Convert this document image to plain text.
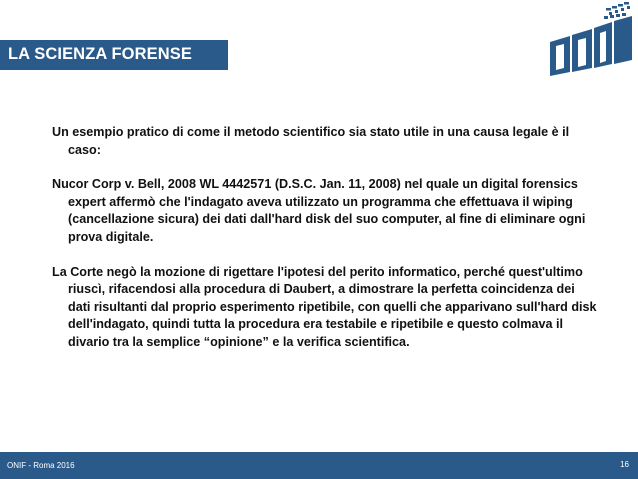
LA SCIENZA FORENSE

Un esempio pratico di come il metodo scientifico sia stato utile in una causa legale è il caso:

Nucor Corp v. Bell, 2008 WL 4442571 (D.S.C. Jan. 11, 2008) nel quale un digital forensics expert affermò che l'indagato aveva utilizzato un programma che effettuava il wiping (cancellazione sicura) dei dati dall'hard disk del suo computer, al fine di eliminare ogni prova digitale.

La Corte negò la mozione di rigettare l'ipotesi del perito informatico, perché quest'ultimo riuscì, rifacendosi alla procedura di Daubert, a dimostrare la perfetta coincidenza dei dati risultanti dal proprio esperimento ripetibile, con quelli che apparivano sull'hard disk dell'indagato, quindi tutta la procedura era testabile e ripetibile e questo colmava il divario tra la semplice “opinione” e la verifica scientifica.

ONIF - Roma 2016	16
